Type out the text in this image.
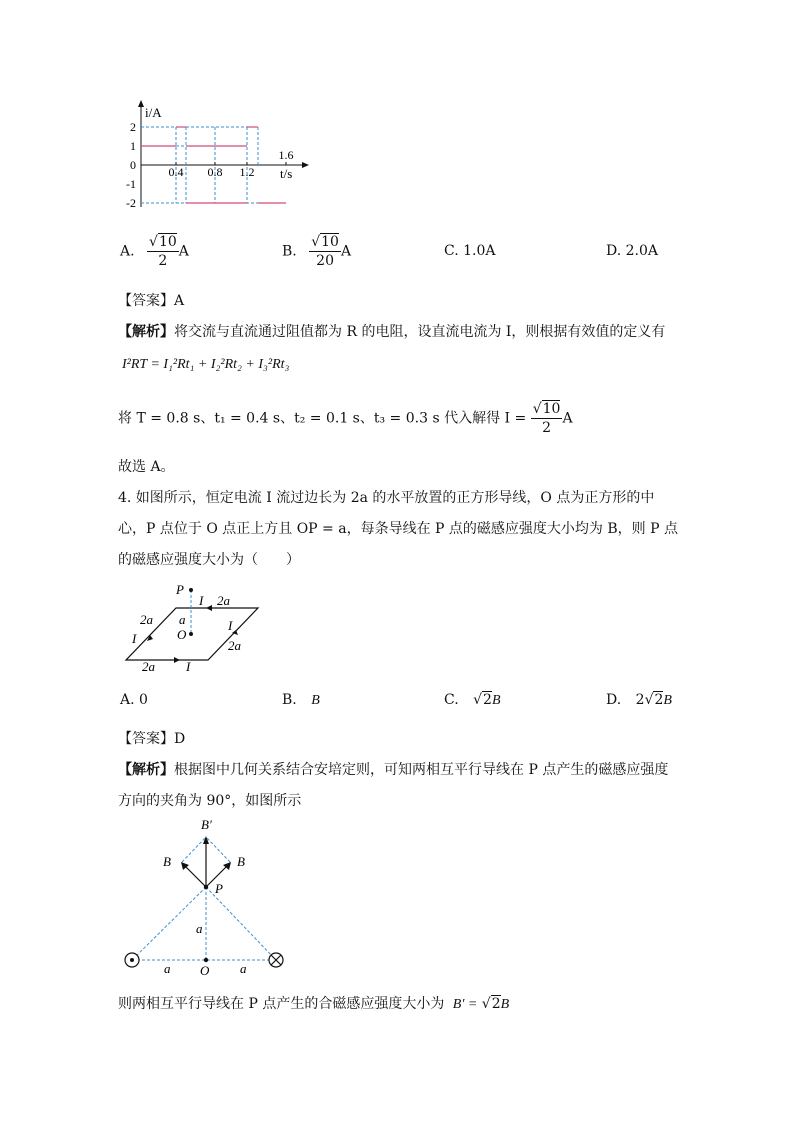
i/A
t/s
2
1
0
-1
-2
0.4 0.8 1.2
1.6
A. $\frac{√10}{2}$ A	B. $\frac{√10}{20}$ A	C. 1.0A	D. 2.0A
【答案】A
【解析】将交流与直流通过阻值都为 R 的电阻，设直流电流为 I，则根据有效值的定义有
I²RT = I₁²Rt₁ + I₂²Rt₂ + I₃²Rt₃
将 T = 0.8 s、t₁ = 0.4 s、t₂ = 0.1 s、t₃ = 0.3 s 代入解得 $I = \frac{√10}{2}$ A
故选 A。
4. 如图所示，恒定电流 I 流过边长为 2a 的水平放置的正方形导线，O 点为正方形的中
心，P 点位于 O 点正上方且 OP = a，每条导线在 P 点的磁感应强度大小均为 B，则 P 点
的磁感应强度大小为（　　）
P
O
a
I 2a
2a
I
I
2a
2a I
A. 0	B. B	C. √2B	D. 2√2B
【答案】D
【解析】根据图中几何关系结合安培定则，可知两相互平行导线在 P 点产生的磁感应强度
方向的夹角为 90°，如图所示
B′
B	B
P
a
a	a
O
则两相互平行导线在 P 点产生的合磁感应强度大小为 B′ = √2B
